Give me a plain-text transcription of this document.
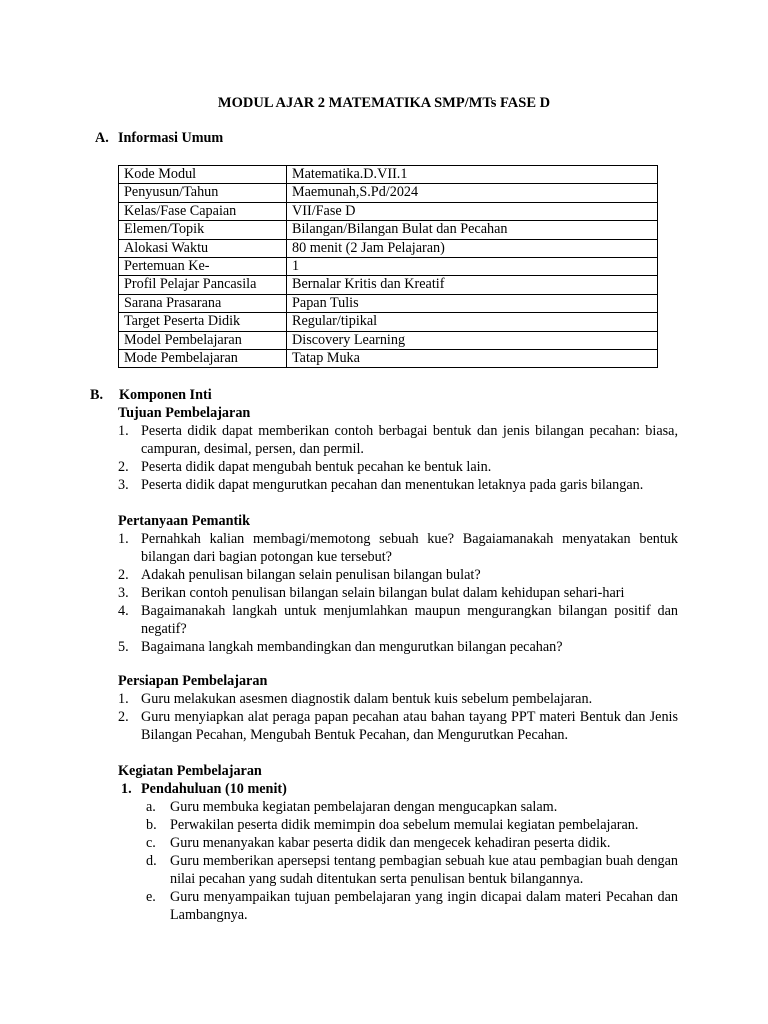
MODUL AJAR 2 MATEMATIKA SMP/MTs FASE D
A. Informasi Umum
Kode Modul	Matematika.D.VII.1
Penyusun/Tahun	Maemunah,S.Pd/2024
Kelas/Fase Capaian	VII/Fase D
Elemen/Topik	Bilangan/Bilangan Bulat dan Pecahan
Alokasi Waktu	80 menit (2 Jam Pelajaran)
Pertemuan Ke-	1
Profil Pelajar Pancasila	Bernalar Kritis dan Kreatif
Sarana Prasarana	Papan Tulis
Target Peserta Didik	Regular/tipikal
Model Pembelajaran	Discovery Learning
Mode Pembelajaran	Tatap Muka
B. Komponen Inti
Tujuan Pembelajaran
1. Peserta didik dapat memberikan contoh berbagai bentuk dan jenis bilangan pecahan: biasa, campuran, desimal, persen, dan permil.
2. Peserta didik dapat mengubah bentuk pecahan ke bentuk lain.
3. Peserta didik dapat mengurutkan pecahan dan menentukan letaknya pada garis bilangan.
Pertanyaan Pemantik
1. Pernahkah kalian membagi/memotong sebuah kue? Bagaiamanakah menyatakan bentuk bilangan dari bagian potongan kue tersebut?
2. Adakah penulisan bilangan selain penulisan bilangan bulat?
3. Berikan contoh penulisan bilangan selain bilangan bulat dalam kehidupan sehari-hari
4. Bagaimanakah langkah untuk menjumlahkan maupun mengurangkan bilangan positif dan negatif?
5. Bagaimana langkah membandingkan dan mengurutkan bilangan pecahan?
Persiapan Pembelajaran
1. Guru melakukan asesmen diagnostik dalam bentuk kuis sebelum pembelajaran.
2. Guru menyiapkan alat peraga papan pecahan atau bahan tayang PPT materi Bentuk dan Jenis Bilangan Pecahan, Mengubah Bentuk Pecahan, dan Mengurutkan Pecahan.
Kegiatan Pembelajaran
1. Pendahuluan (10 menit)
a. Guru membuka kegiatan pembelajaran dengan mengucapkan salam.
b. Perwakilan peserta didik memimpin doa sebelum memulai kegiatan pembelajaran.
c. Guru menanyakan kabar peserta didik dan mengecek kehadiran peserta didik.
d. Guru memberikan apersepsi tentang pembagian sebuah kue atau pembagian buah dengan nilai pecahan yang sudah ditentukan serta penulisan bentuk bilangannya.
e. Guru menyampaikan tujuan pembelajaran yang ingin dicapai dalam materi Pecahan dan Lambangnya.
